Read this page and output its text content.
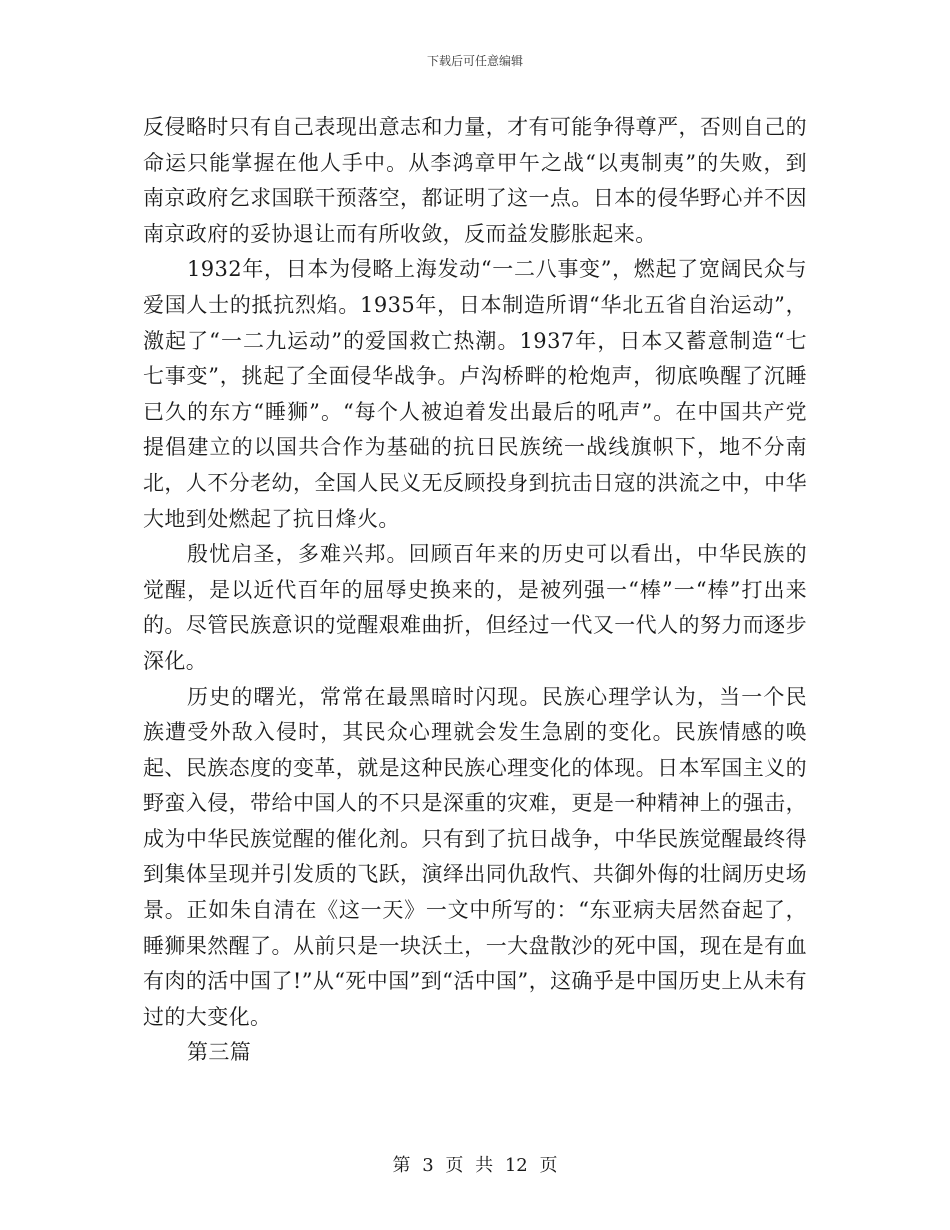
下载后可任意编辑

反侵略时只有自己表现出意志和力量，才有可能争得尊严，否则自己的命运只能掌握在他人手中。从李鸿章甲午之战“以夷制夷”的失败，到南京政府乞求国联干预落空，都证明了这一点。日本的侵华野心并不因南京政府的妥协退让而有所收敛，反而益发膨胀起来。

1932年，日本为侵略上海发动“一二八事变”，燃起了宽阔民众与爱国人士的抵抗烈焰。1935年，日本制造所谓“华北五省自治运动”，激起了“一二九运动”的爱国救亡热潮。1937年，日本又蓄意制造“七七事变”，挑起了全面侵华战争。卢沟桥畔的枪炮声，彻底唤醒了沉睡已久的东方“睡狮”。“每个人被迫着发出最后的吼声”。在中国共产党提倡建立的以国共合作为基础的抗日民族统一战线旗帜下，地不分南北，人不分老幼，全国人民义无反顾投身到抗击日寇的洪流之中，中华大地到处燃起了抗日烽火。

殷忧启圣，多难兴邦。回顾百年来的历史可以看出，中华民族的觉醒，是以近代百年的屈辱史换来的，是被列强一“棒”一“棒”打出来的。尽管民族意识的觉醒艰难曲折，但经过一代又一代人的努力而逐步深化。

历史的曙光，常常在最黑暗时闪现。民族心理学认为，当一个民族遭受外敌入侵时，其民众心理就会发生急剧的变化。民族情感的唤起、民族态度的变革，就是这种民族心理变化的体现。日本军国主义的野蛮入侵，带给中国人的不只是深重的灾难，更是一种精神上的强击，成为中华民族觉醒的催化剂。只有到了抗日战争，中华民族觉醒最终得到集体呈现并引发质的飞跃，演绎出同仇敌忾、共御外侮的壮阔历史场景。正如朱自清在《这一天》一文中所写的：“东亚病夫居然奋起了，睡狮果然醒了。从前只是一块沃土，一大盘散沙的死中国，现在是有血有肉的活中国了!”从“死中国”到“活中国”，这确乎是中国历史上从未有过的大变化。

第三篇

第 3 页 共 12 页
